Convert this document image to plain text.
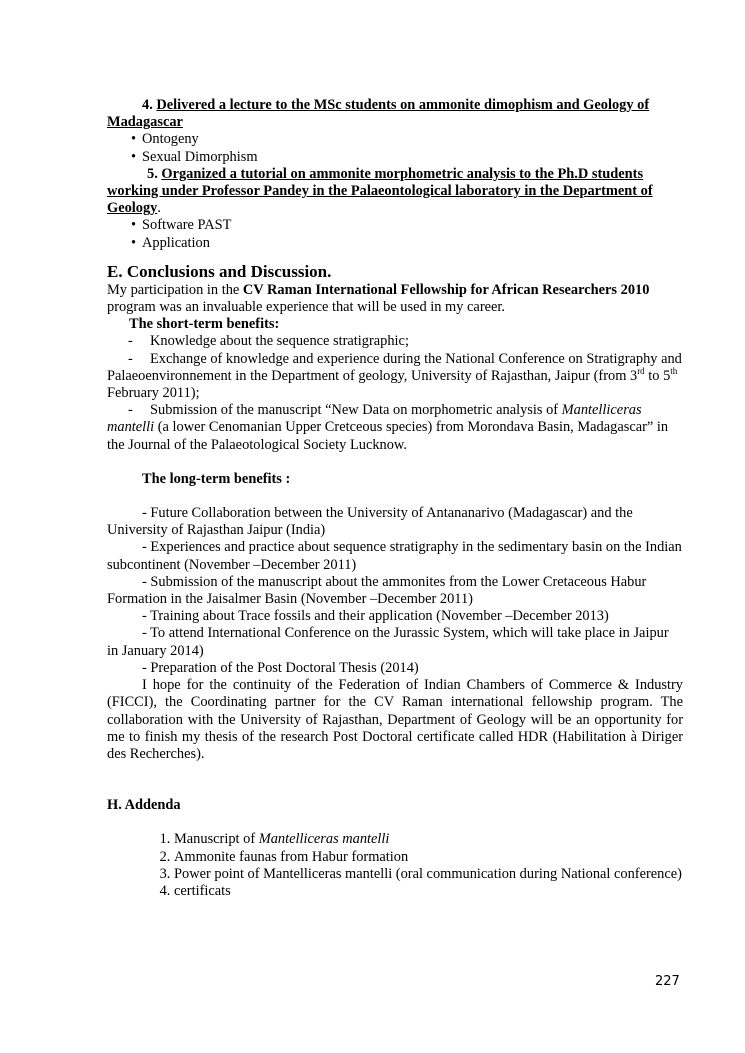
4. Delivered a lecture to the MSc students on ammonite dimophism and Geology of Madagascar

• Ontogeny
• Sexual Dimorphism

5. Organized a tutorial on ammonite morphometric analysis to the Ph.D students working under Professor Pandey in the Palaeontological laboratory in the Department of Geology.

• Software PAST
• Application
E. Conclusions and Discussion.

My participation in the CV Raman International Fellowship for African Researchers 2010 program was an invaluable experience that will be used in my career.

The short-term benefits:

- Knowledge about the sequence stratigraphic;

- Exchange of knowledge and experience during the National Conference on Stratigraphy and Palaeoenvironnement in the Department of geology, University of Rajasthan, Jaipur (from 3rd to 5th February 2011);

- Submission of the manuscript “New Data on morphometric analysis of Mantelliceras mantelli (a lower Cenomanian Upper Cretceous species) from Morondava Basin, Madagascar” in the Journal of the Palaeotological Society Lucknow.

The long-term benefits :

- Future Collaboration between the University of Antananarivo (Madagascar) and the University of Rajasthan Jaipur (India)

- Experiences and practice about sequence stratigraphy in the sedimentary basin on the Indian subcontinent (November –December 2011)

- Submission of the manuscript about the ammonites from the Lower Cretaceous Habur Formation in the Jaisalmer Basin (November –December 2011)

- Training about Trace fossils and their application (November –December 2013)

- To attend International Conference on the Jurassic System, which will take place in Jaipur in January 2014)

- Preparation of the Post Doctoral Thesis (2014)

I hope for the continuity of the Federation of Indian Chambers of Commerce & Industry (FICCI), the Coordinating partner for the CV Raman international fellowship program. The collaboration with the University of Rajasthan, Department of Geology will be an opportunity for me to finish my thesis of the research Post Doctoral certificate called HDR (Habilitation à Diriger des Recherches).

H. Addenda
1. Manuscript of Mantelliceras mantelli
2. Ammonite faunas from Habur formation
3. Power point of Mantelliceras mantelli (oral communication during National conference)
4. certificats
227
